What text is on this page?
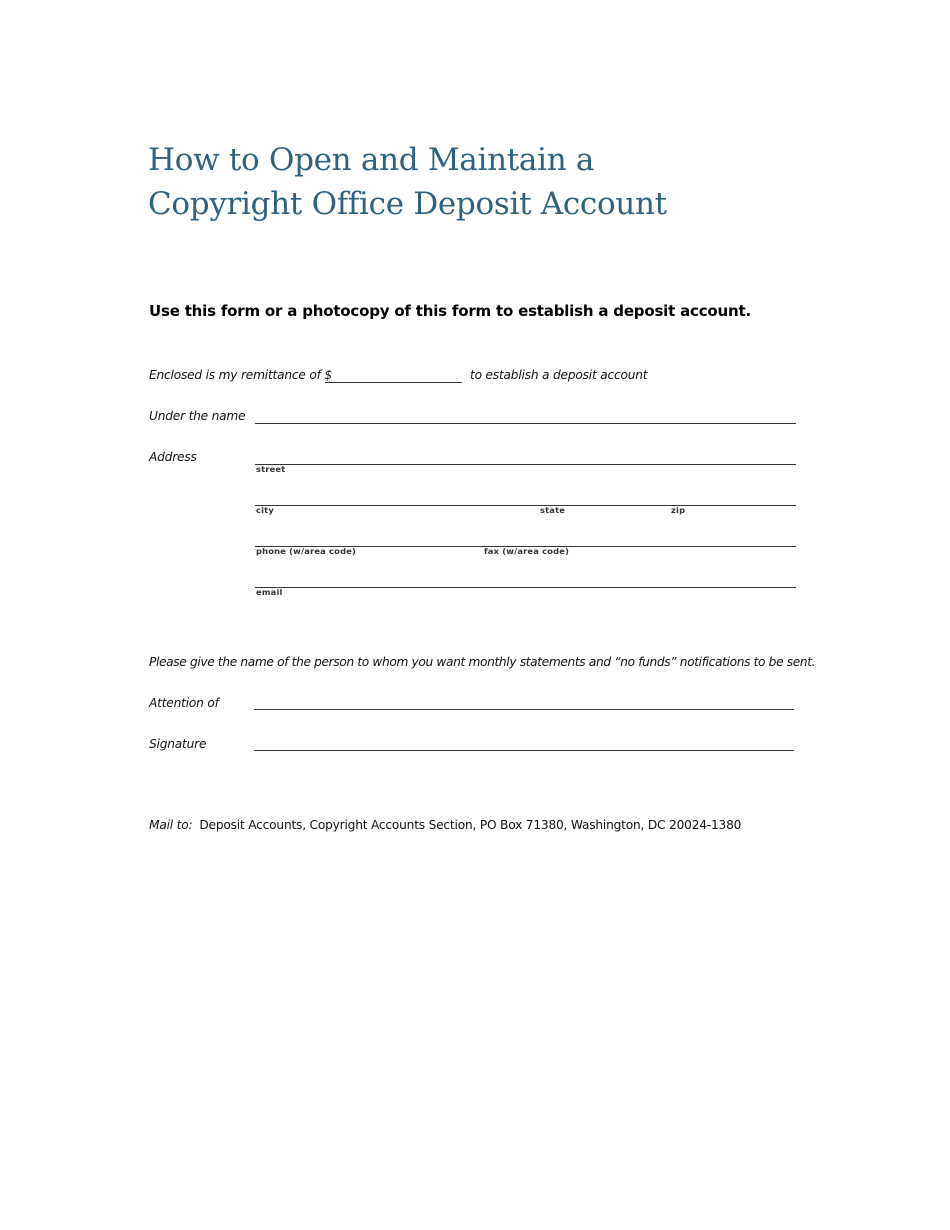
How to Open and Maintain a
Copyright Office Deposit Account
Use this form or a photocopy of this form to establish a deposit account.
Enclosed is my remittance of $	to establish a deposit account
Under the name
Address
street
city	state	zip
phone (w/area code)	fax (w/area code)
email
Please give the name of the person to whom you want monthly statements and “no funds” notifications to be sent.
Attention of
Signature
Mail to: Deposit Accounts, Copyright Accounts Section, PO Box 71380, Washington, DC 20024-1380
